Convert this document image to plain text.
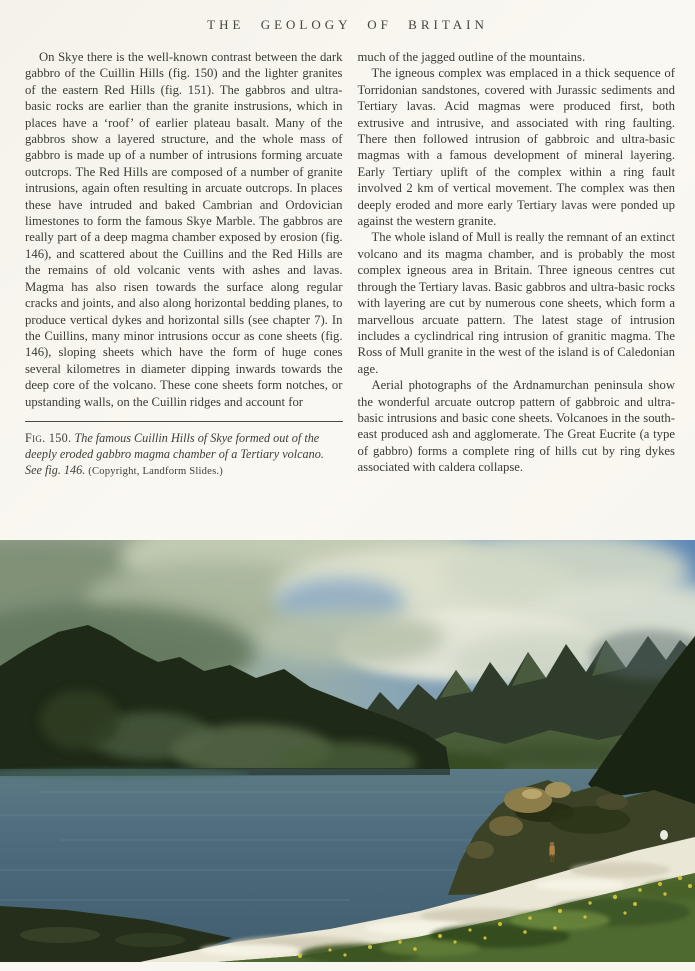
THE GEOLOGY OF BRITAIN

On Skye there is the well-known contrast between the dark gabbro of the Cuillin Hills (fig. 150) and the lighter granites of the eastern Red Hills (fig. 151). The gabbros and ultra-basic rocks are earlier than the granite instrusions, which in places have a ‘roof’ of earlier plateau basalt. Many of the gabbros show a layered structure, and the whole mass of gabbro is made up of a number of intrusions forming arcuate outcrops. The Red Hills are composed of a number of granite intrusions, again often resulting in arcuate outcrops. In places these have intruded and baked Cambrian and Ordovician limestones to form the famous Skye Marble. The gabbros are really part of a deep magma chamber exposed by erosion (fig. 146), and scattered about the Cuillins and the Red Hills are the remains of old volcanic vents with ashes and lavas. Magma has also risen towards the surface along regular cracks and joints, and also along horizontal bedding planes, to produce vertical dykes and horizontal sills (see chapter 7). In the Cuillins, many minor intrusions occur as cone sheets (fig. 146), sloping sheets which have the form of huge cones several kilometres in diameter dipping inwards towards the deep core of the volcano. These cone sheets form notches, or upstanding walls, on the Cuillin ridges and account for

Fig. 150. The famous Cuillin Hills of Skye formed out of the deeply eroded gabbro magma chamber of a Tertiary volcano. See fig. 146. (Copyright, Landform Slides.)

much of the jagged outline of the mountains.

The igneous complex was emplaced in a thick sequence of Torridonian sandstones, covered with Jurassic sediments and Tertiary lavas. Acid magmas were produced first, both extrusive and intrusive, and associated with ring faulting. There then followed intrusion of gabbroic and ultra-basic magmas with a famous development of mineral layering. Early Tertiary uplift of the complex within a ring fault involved 2 km of vertical movement. The complex was then deeply eroded and more early Tertiary lavas were ponded up against the western granite.

The whole island of Mull is really the remnant of an extinct volcano and its magma chamber, and is probably the most complex igneous area in Britain. Three igneous centres cut through the Tertiary lavas. Basic gabbros and ultra-basic rocks with layering are cut by numerous cone sheets, which form a marvellous arcuate pattern. The latest stage of intrusion includes a cyclindrical ring intrusion of granitic magma. The Ross of Mull granite in the west of the island is of Caledonian age.

Aerial photographs of the Ardnamurchan peninsula show the wonderful arcuate outcrop pattern of gabbroic and ultra-basic intrusions and basic cone sheets. Volcanoes in the south-east produced ash and agglomerate. The Great Eucrite (a type of gabbro) forms a complete ring of hills cut by ring dykes associated with caldera collapse.
